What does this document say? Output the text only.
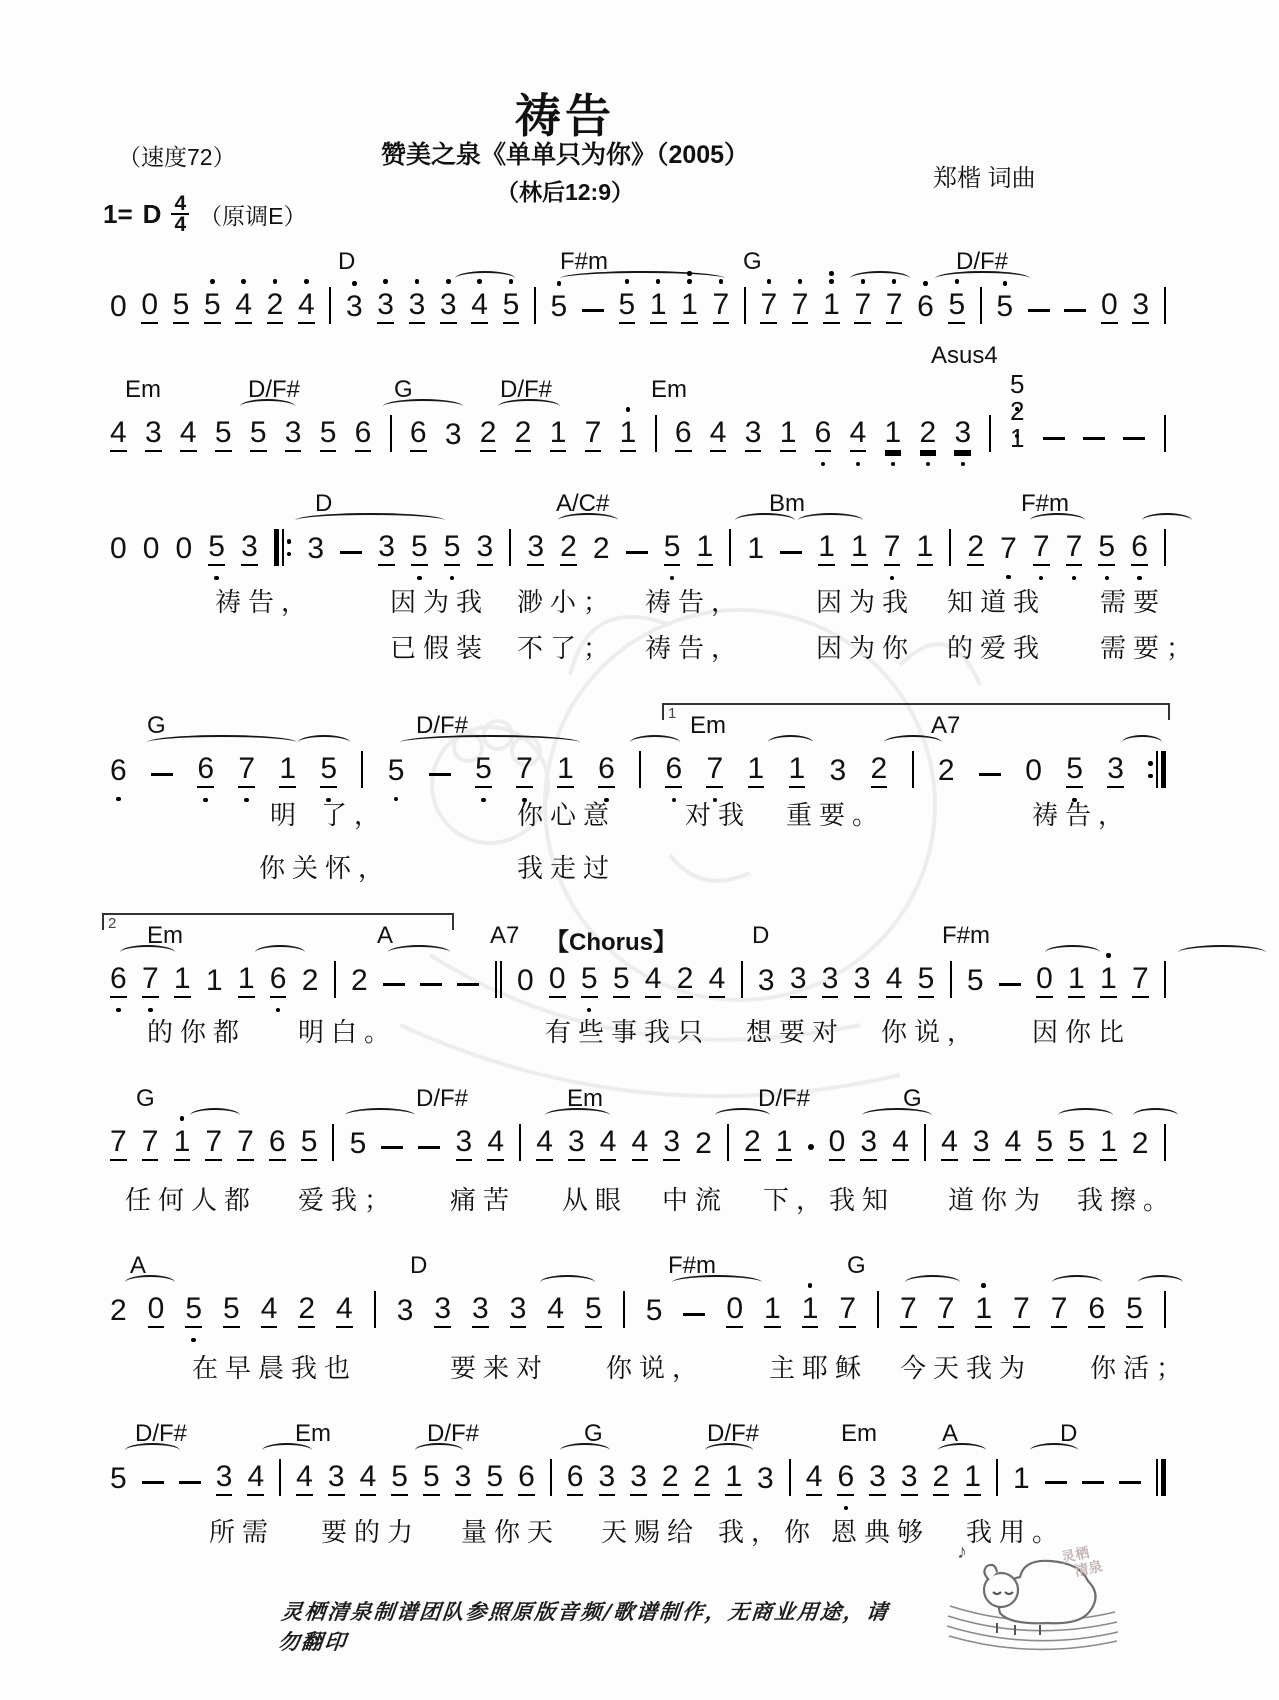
祷告
（速度72）	赞美之泉《单单只为你》（2005）
（林后12:9）	郑楷 词曲
1= D $\frac{4}{4}$ （原调E）
D	F#m	G	D/F#
0 0 5 5 4 2 4 3 3 3 3 4 5 5 5 1 1 7 7 7 1 7 7 6 5 5	0 3
Em	D/F#	G	D/F#	Em
Asus4
4 3 4 5 5 3 5 6 6 3 2 2 1 7 1 6 4 3 1 6 4 1 2 3
5
2
1
D	A/C#	Bm	F#m
0 0 0 5 3 3 3 5 5 3 3 2 2 5 1 1 1 1 7 1 2 7 7 7 5 6
祷告，	因为我 渺小； 祷告，	因为我 知道我 需要
已假装 不了； 祷告，	因为你 的爱我 需要；
G	D/F#	Em	A7
1
6 6 7 1 5 5 5 7 1 6 6 7 1 1 3 2 2 0 5 3
明 了，	你心意	对我 重要。	祷告，
你关怀，	我走过
Em	A	A7 【Chorus】	D	F#m
2
6 7 1 1 1 6 2 2	0 0 5 5 4 2 4 3 3 3 3 4 5 5 0 1 1 7
的你都 明白。	有些事我只 想要对 你说， 因你比
G	D/F#	Em	D/F#	G
7 7 1 7 7 6 5 5	3 4 4 3 4 4 3 2 2 1 0 3 4 4 3 4 5 5 1 2
任何人都 爱我； 痛苦 从眼 中流 下，我知 道你为 我擦。
A	D	F#m	G
2 0 5 5 4 2 4 3 3 3 3 4 5 5 0 1 1 7 7 7 1 7 7 6 5
在早晨我也	要来对 你说， 主耶稣 今天我为 你活；
D/F#	Em	D/F#	G	D/F#	Em	A	D
5	3 4 4 3 4 5 5 3 5 6 6 3 3 2 2 1 3 4 6 3 3 2 1 1
所需 要的力 量你天 天赐给 我，你 恩典够 我用。
灵栖清泉制谱团队参照原版音频/歌谱制作，无商业用途，请勿翻印
♪	灵栖
清泉
